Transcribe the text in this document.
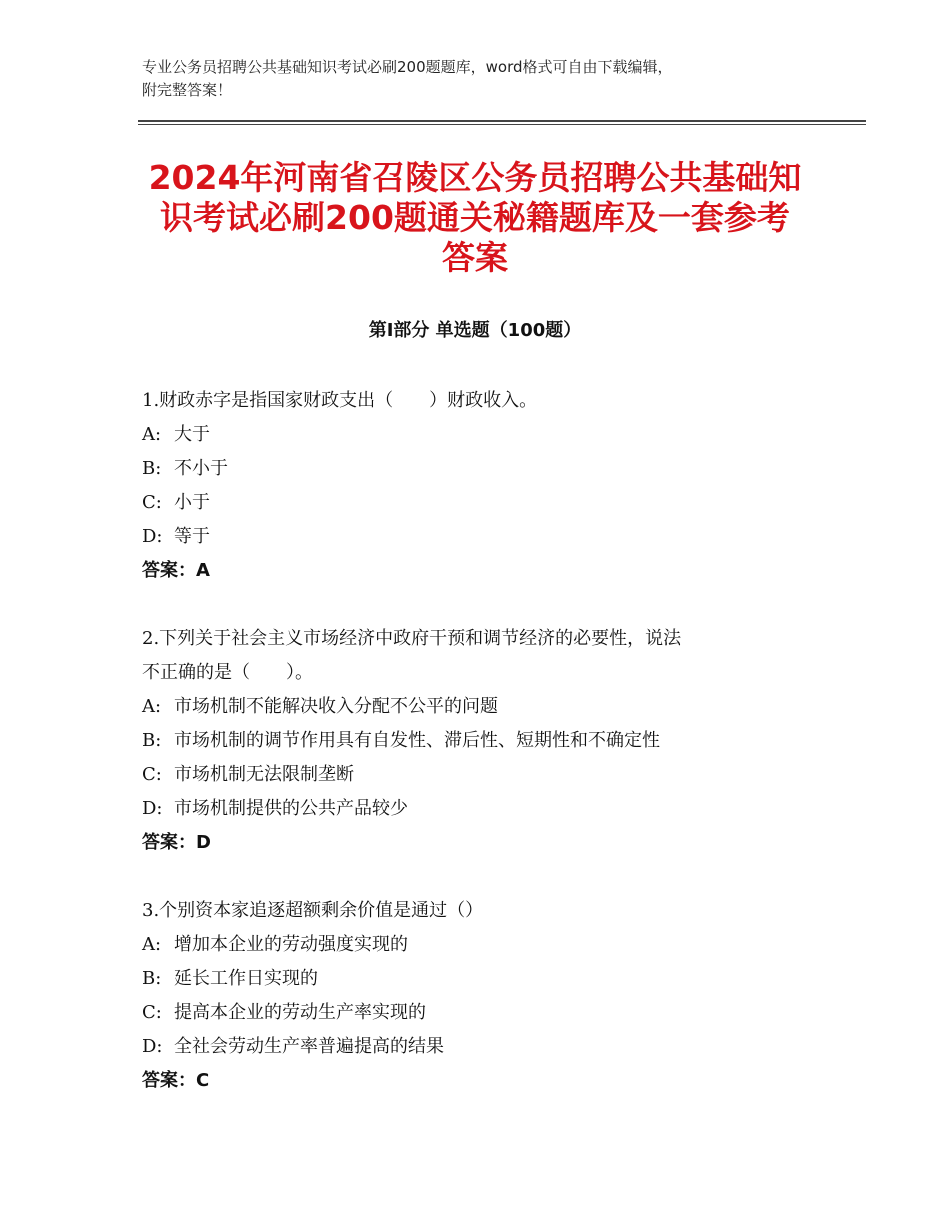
专业公务员招聘公共基础知识考试必刷200题题库，word格式可自由下载编辑，
附完整答案！
2024年河南省召陵区公务员招聘公共基础知
识考试必刷200题通关秘籍题库及一套参考
答案
第Ⅰ部分 单选题（100题）

1.财政赤字是指国家财政支出（　　）财政收入。

A: 大于

B: 不小于

C: 小于

D: 等于

答案：A

2.下列关于社会主义市场经济中政府干预和调节经济的必要性，说法

不正确的是（　　）。

A: 市场机制不能解决收入分配不公平的问题

B: 市场机制的调节作用具有自发性、滞后性、短期性和不确定性

C: 市场机制无法限制垄断

D: 市场机制提供的公共产品较少

答案：D

3.个别资本家追逐超额剩余价值是通过（）

A: 增加本企业的劳动强度实现的

B: 延长工作日实现的

C: 提高本企业的劳动生产率实现的

D: 全社会劳动生产率普遍提高的结果

答案：C
